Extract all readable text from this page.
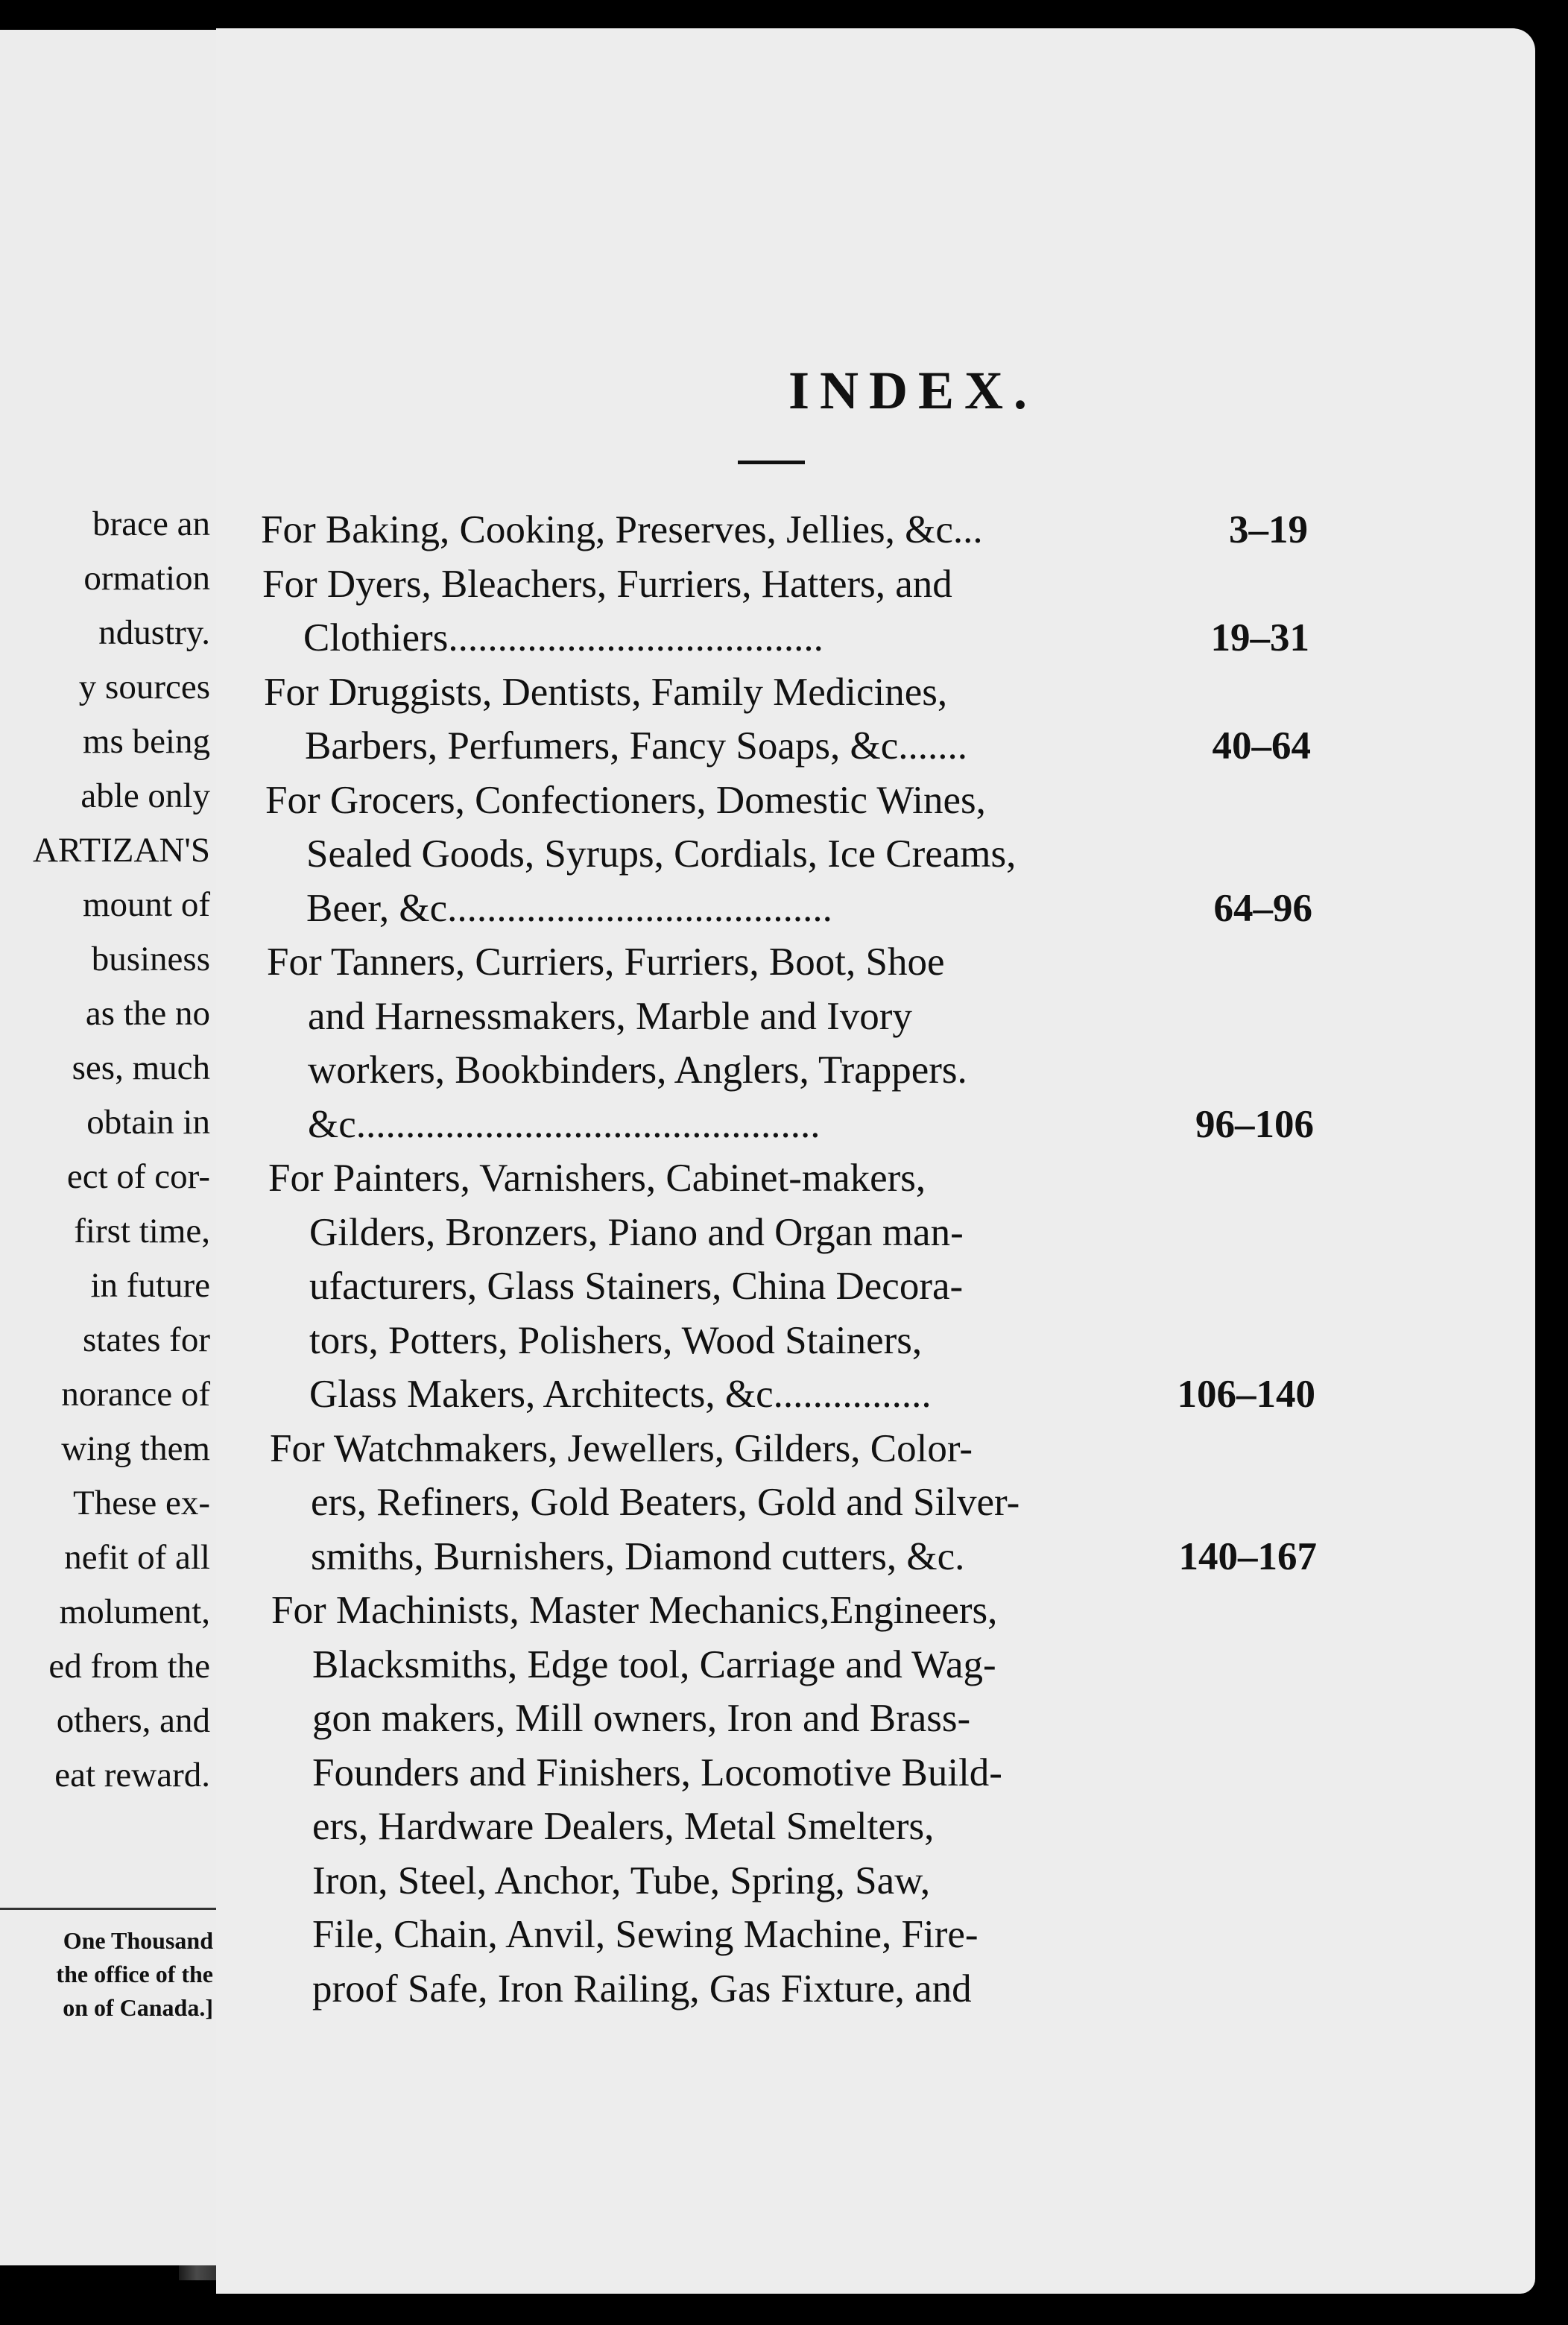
brace an
ormation
ndustry.
y sources
ms being
able only
ARTIZAN'S
mount of
business
as the no
ses, much
obtain in
ect of cor-
first time,
in future
states for
norance of
wing them
These ex-
nefit of all
molument,
ed from the
others, and
eat reward.
One Thousand
the office of the
on of Canada.]
INDEX.
For Baking, Cooking, Preserves, Jellies, &c...	3–19
For Dyers, Bleachers, Furriers, Hatters, and
Clothiers......................................	19–31
For Druggists, Dentists, Family Medicines,
Barbers, Perfumers, Fancy Soaps, &c.......	40–64
For Grocers, Confectioners, Domestic Wines,
Sealed Goods, Syrups, Cordials, Ice Creams,
Beer, &c.......................................	64–96
For Tanners, Curriers, Furriers, Boot, Shoe
and Harnessmakers, Marble and Ivory
workers, Bookbinders, Anglers, Trappers.
&c...............................................	96–106
For Painters, Varnishers, Cabinet-makers,
Gilders, Bronzers, Piano and Organ man-
ufacturers, Glass Stainers, China Decora-
tors, Potters, Polishers, Wood Stainers,
Glass Makers, Architects, &c................	106–140
For Watchmakers, Jewellers, Gilders, Color-
ers, Refiners, Gold Beaters, Gold and Silver-
smiths, Burnishers, Diamond cutters, &c.	140–167
For Machinists, Master Mechanics,Engineers,
Blacksmiths, Edge tool, Carriage and Wag-
gon makers, Mill owners, Iron and Brass-
Founders and Finishers, Locomotive Build-
ers, Hardware Dealers, Metal Smelters,
Iron, Steel, Anchor, Tube, Spring, Saw,
File, Chain, Anvil, Sewing Machine, Fire-
proof Safe, Iron Railing, Gas Fixture, and
